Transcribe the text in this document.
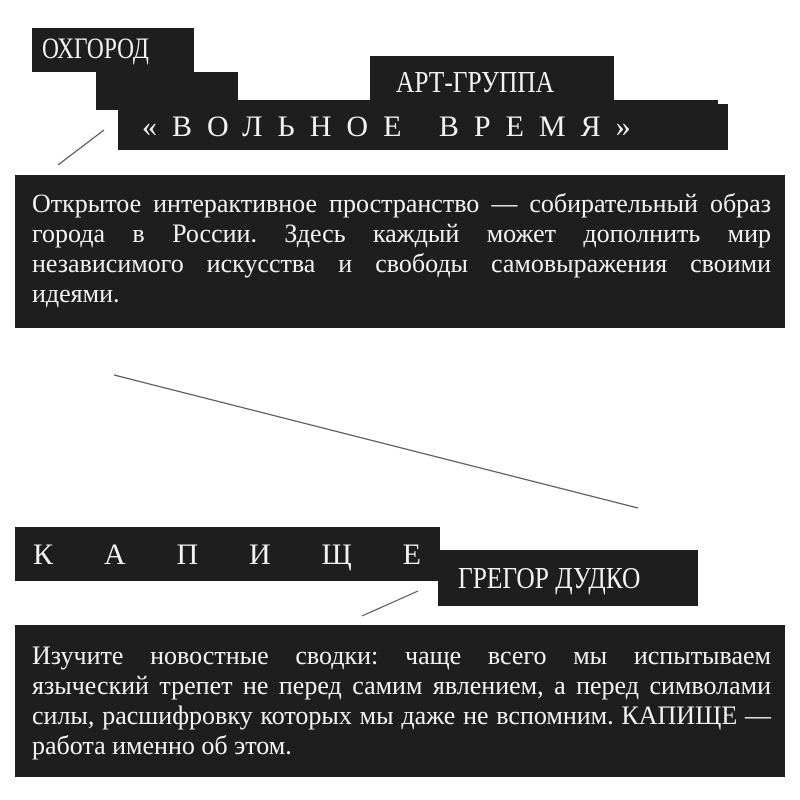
ОХГОРОД
АРТ-ГРУППА
«ВОЛЬНОЕ ВРЕМЯ»
Открытое интерактивное пространство — собирательный образ города в России. Здесь каждый может дополнить мир независимого искусства и свободы самовыражения своими идеями.
К А П И Щ Е
ГРЕГОР ДУДКО
Изучите новостные сводки: чаще всего мы испытываем языческий трепет не перед самим явлением, а перед символами силы, расшифровку которых мы даже не вспомним. КАПИЩЕ — работа именно об этом.
